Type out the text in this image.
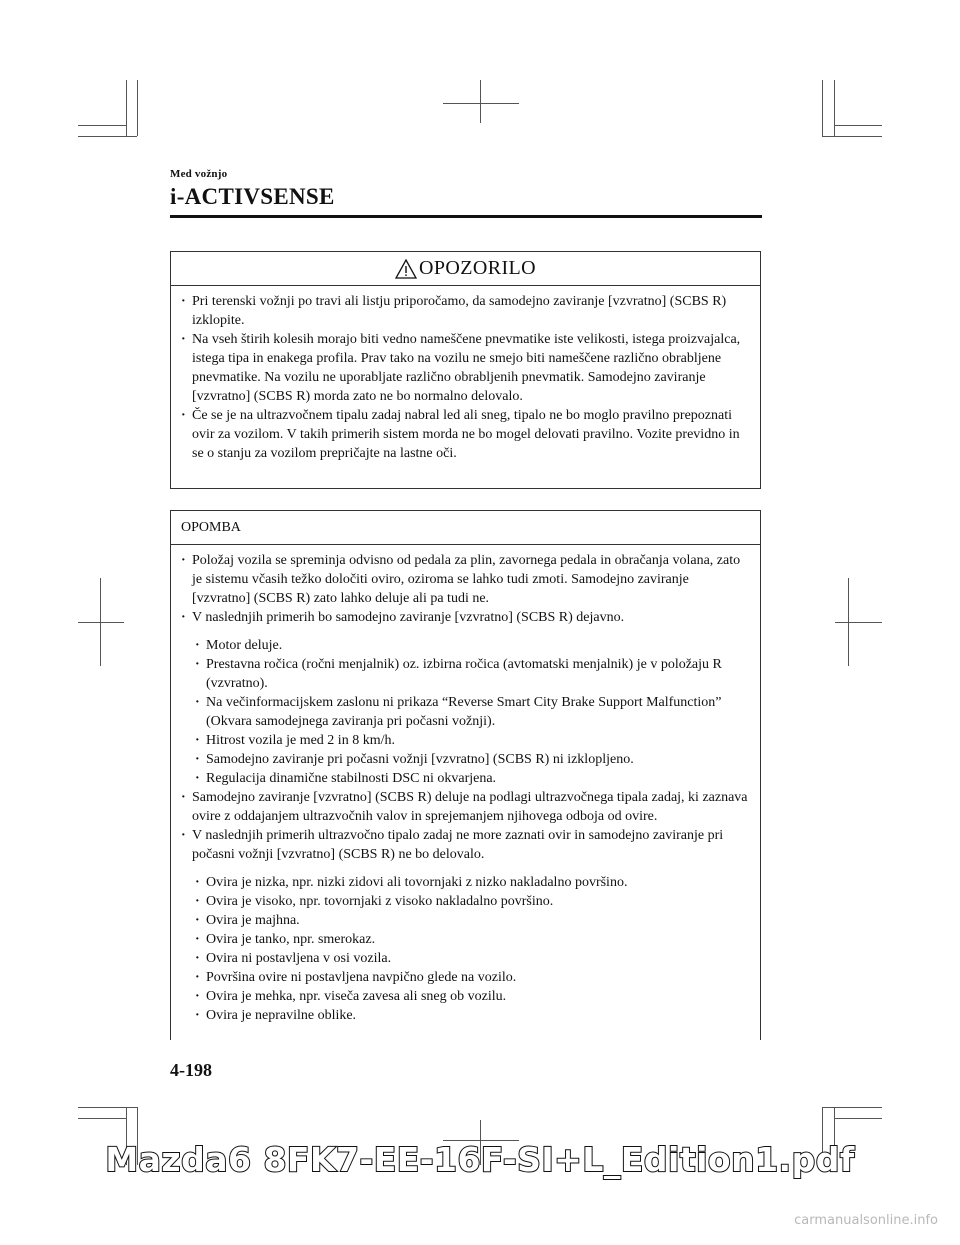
Med vožnjo
i-ACTIVSENSE
OPOZORILO
· Pri terenski vožnji po travi ali listju priporočamo, da samodejno zaviranje [vzvratno] (SCBS R) izklopite.
· Na vseh štirih kolesih morajo biti vedno nameščene pnevmatike iste velikosti, istega proizvajalca, istega tipa in enakega profila. Prav tako na vozilu ne smejo biti nameščene različno obrabljene pnevmatike. Na vozilu ne uporabljate različno obrabljenih pnevmatik. Samodejno zaviranje [vzvratno] (SCBS R) morda zato ne bo normalno delovalo.
· Če se je na ultrazvočnem tipalu zadaj nabral led ali sneg, tipalo ne bo moglo pravilno prepoznati ovir za vozilom. V takih primerih sistem morda ne bo mogel delovati pravilno. Vozite previdno in se o stanju za vozilom prepričajte na lastne oči.
OPOMBA
· Položaj vozila se spreminja odvisno od pedala za plin, zavornega pedala in obračanja volana, zato je sistemu včasih težko določiti oviro, oziroma se lahko tudi zmoti. Samodejno zaviranje [vzvratno] (SCBS R) zato lahko deluje ali pa tudi ne.
· V naslednjih primerih bo samodejno zaviranje [vzvratno] (SCBS R) dejavno.
· Motor deluje.
· Prestavna ročica (ročni menjalnik) oz. izbirna ročica (avtomatski menjalnik) je v položaju R (vzvratno).
· Na večinformacijskem zaslonu ni prikaza “Reverse Smart City Brake Support Malfunction” (Okvara samodejnega zaviranja pri počasni vožnji).
· Hitrost vozila je med 2 in 8 km/h.
· Samodejno zaviranje pri počasni vožnji [vzvratno] (SCBS R) ni izklopljeno.
· Regulacija dinamične stabilnosti DSC ni okvarjena.
· Samodejno zaviranje [vzvratno] (SCBS R) deluje na podlagi ultrazvočnega tipala zadaj, ki zaznava ovire z oddajanjem ultrazvočnih valov in sprejemanjem njihovega odboja od ovire.
· V naslednjih primerih ultrazvočno tipalo zadaj ne more zaznati ovir in samodejno zaviranje pri počasni vožnji [vzvratno] (SCBS R) ne bo delovalo.
· Ovira je nizka, npr. nizki zidovi ali tovornjaki z nizko nakladalno površino.
· Ovira je visoko, npr. tovornjaki z visoko nakladalno površino.
· Ovira je majhna.
· Ovira je tanko, npr. smerokaz.
· Ovira ni postavljena v osi vozila.
· Površina ovire ni postavljena navpično glede na vozilo.
· Ovira je mehka, npr. viseča zavesa ali sneg ob vozilu.
· Ovira je nepravilne oblike.
4-198
Mazda6 8FK7-EE-16F-SI+L_Edition1.pdf
carmanualsonline.info
